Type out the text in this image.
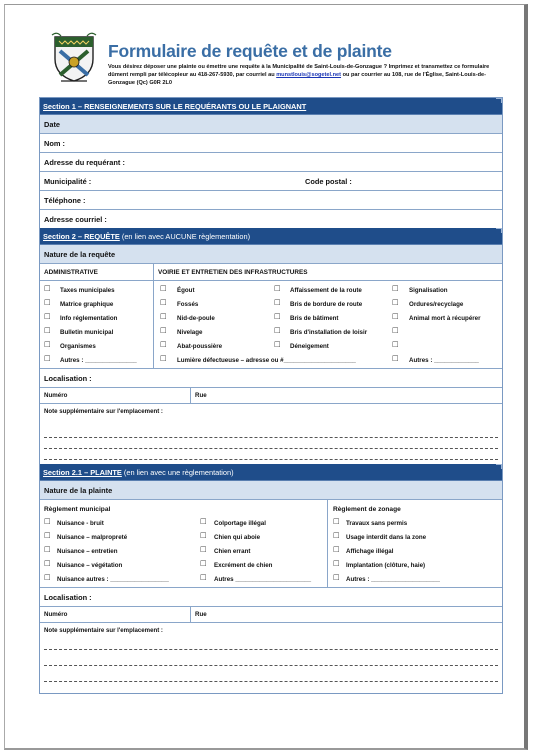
Formulaire de requête et de plainte
Vous désirez déposer une plainte ou émettre une requête à la Municipalité de Saint-Louis-de-Gonzague ? Imprimez et transmettez ce formulaire dûment rempli par télécopieur au 418-267-5930, par courriel au munstlouis@sogetel.net ou par courrier au 108, rue de l'Église, Saint-Louis-de-Gonzague (Qc) G0R 2L0
Section 1 – RENSEIGNEMENTS SUR LE REQUÉRANTS OU LE PLAIGNANT
Date
Nom :
Adresse du requérant :
Municipalité :	Code postal :
Téléphone :
Adresse courriel :
Section 2 – REQUÊTE (en lien avec AUCUNE règlementation)
Nature de la requête
ADMINISTRATIVE	VOIRIE ET ENTRETIEN DES INFRASTRUCTURES
☐ Taxes municipales	☐ Égout	☐ Affaissement de la route	☐ Signalisation
☐ Matrice graphique	☐ Fossés	☐ Bris de bordure de route	☐ Ordures/recyclage
☐ Info réglementation	☐ Nid-de-poule	☐ Bris de bâtiment	☐ Animal mort à récupérer
☐ Bulletin municipal	☐ Nivelage	☐ Bris d'installation de loisir	☐
☐ Organismes	☐ Abat-poussière	☐ Déneigement	☐
☐ Autres : _______________	☐ Lumière défectueuse – adresse ou #_____________________	☐ Autres : _____________
Localisation :
Numéro	Rue
Note supplémentaire sur l'emplacement :
Section 2.1 – PLAINTE (en lien avec une règlementation)
Nature de la plainte
Règlement municipal	Règlement de zonage
☐ Nuisance - bruit	☐ Colportage illégal	☐ Travaux sans permis
☐ Nuisance – malpropreté	☐ Chien qui aboie	☐ Usage interdit dans la zone
☐ Nuisance – entretien	☐ Chien errant	☐ Affichage illégal
☐ Nuisance – végétation	☐ Excrément de chien	☐ Implantation (clôture, haie)
☐ Nuisance autres : _________________	☐ Autres ______________________	☐ Autres : ____________________
Localisation :
Numéro	Rue
Note supplémentaire sur l'emplacement :
